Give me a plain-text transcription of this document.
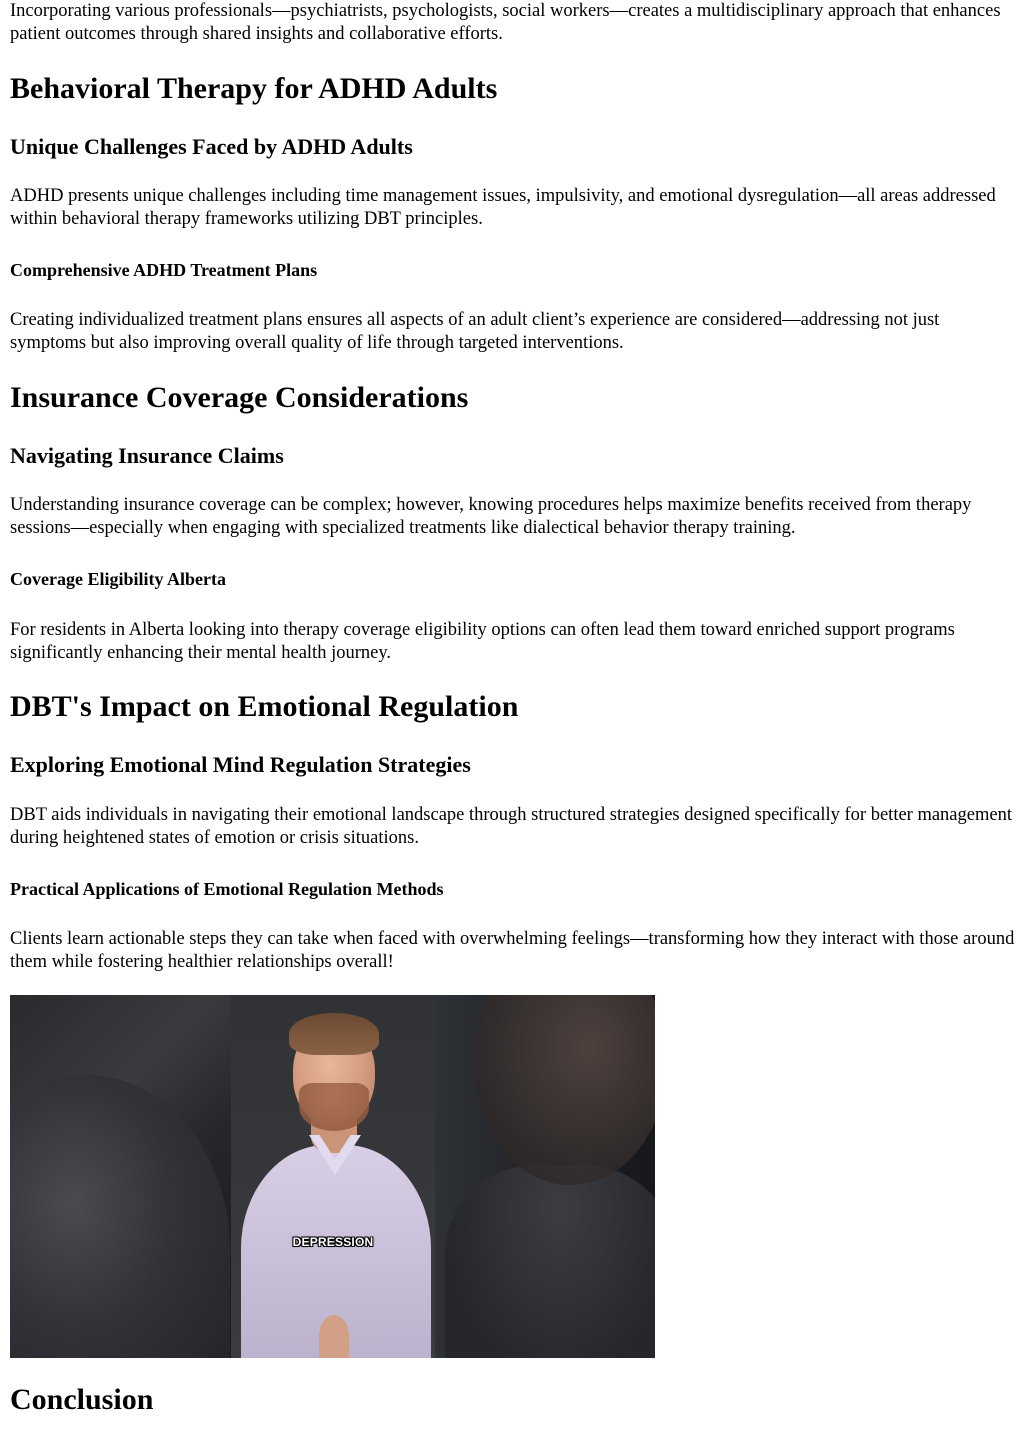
Incorporating various professionals—psychiatrists, psychologists, social workers—creates a multidisciplinary approach that enhances patient outcomes through shared insights and collaborative efforts.

Behavioral Therapy for ADHD Adults
Unique Challenges Faced by ADHD Adults

ADHD presents unique challenges including time management issues, impulsivity, and emotional dysregulation—all areas addressed within behavioral therapy frameworks utilizing DBT principles.

Comprehensive ADHD Treatment Plans

Creating individualized treatment plans ensures all aspects of an adult client’s experience are considered—addressing not just symptoms but also improving overall quality of life through targeted interventions.

Insurance Coverage Considerations
Navigating Insurance Claims

Understanding insurance coverage can be complex; however, knowing procedures helps maximize benefits received from therapy sessions—especially when engaging with specialized treatments like dialectical behavior therapy training.

Coverage Eligibility Alberta

For residents in Alberta looking into therapy coverage eligibility options can often lead them toward enriched support programs significantly enhancing their mental health journey.

DBT's Impact on Emotional Regulation
Exploring Emotional Mind Regulation Strategies

DBT aids individuals in navigating their emotional landscape through structured strategies designed specifically for better management during heightened states of emotion or crisis situations.

Practical Applications of Emotional Regulation Methods

Clients learn actionable steps they can take when faced with overwhelming feelings—transforming how they interact with those around them while fostering healthier relationships overall!

DEPRESSION
Conclusion
